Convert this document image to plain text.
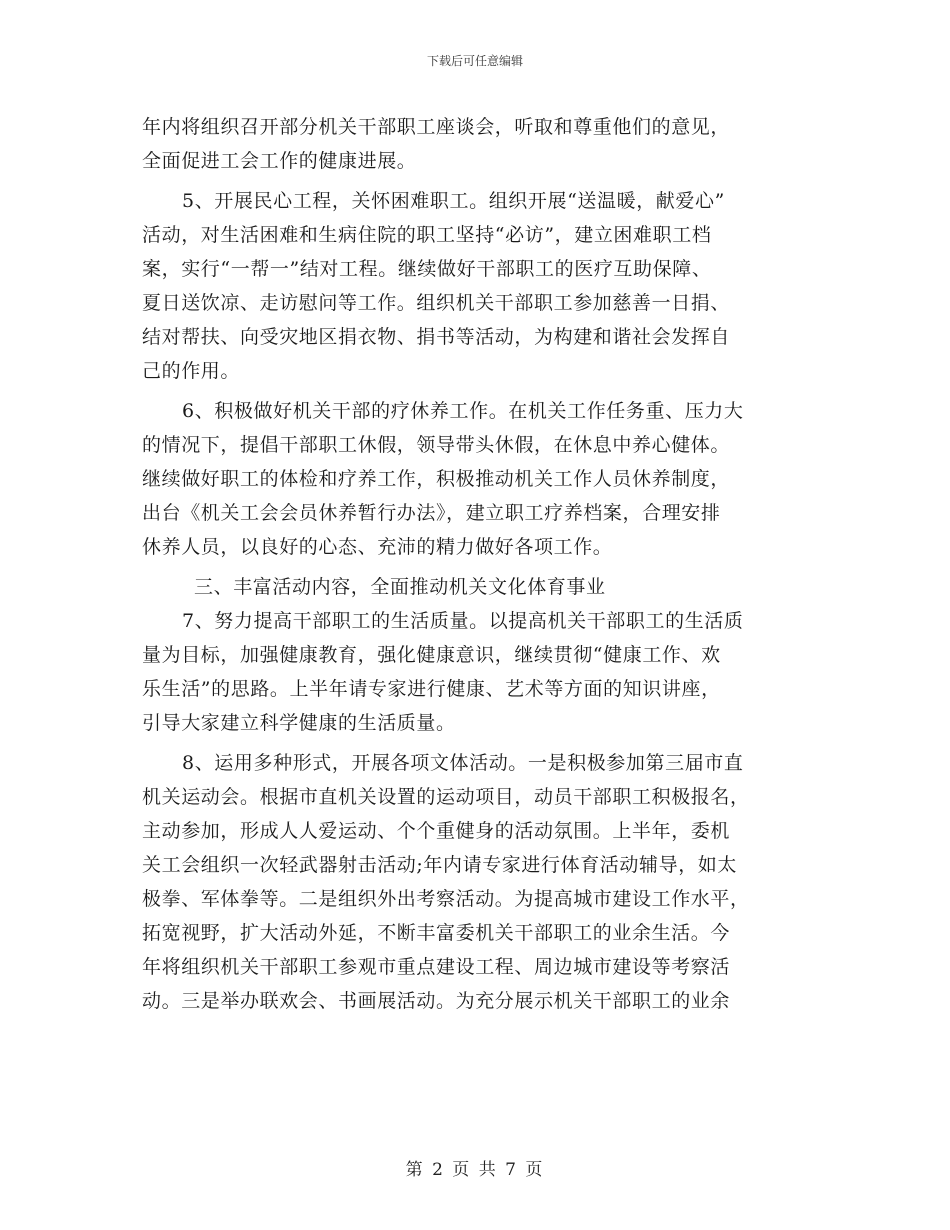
下载后可任意编辑
年内将组织召开部分机关干部职工座谈会，听取和尊重他们的意见，
全面促进工会工作的健康进展。
5、开展民心工程，关怀困难职工。组织开展“送温暖，献爱心”
活动，对生活困难和生病住院的职工坚持“必访”，建立困难职工档
案，实行“一帮一”结对工程。继续做好干部职工的医疗互助保障、
夏日送饮凉、走访慰问等工作。组织机关干部职工参加慈善一日捐、
结对帮扶、向受灾地区捐衣物、捐书等活动，为构建和谐社会发挥自
己的作用。
6、积极做好机关干部的疗休养工作。在机关工作任务重、压力大
的情况下，提倡干部职工休假，领导带头休假，在休息中养心健体。
继续做好职工的体检和疗养工作，积极推动机关工作人员休养制度，
出台《机关工会会员休养暂行办法》，建立职工疗养档案，合理安排
休养人员，以良好的心态、充沛的精力做好各项工作。
三、丰富活动内容，全面推动机关文化体育事业
7、努力提高干部职工的生活质量。以提高机关干部职工的生活质
量为目标，加强健康教育，强化健康意识，继续贯彻“健康工作、欢
乐生活”的思路。上半年请专家进行健康、艺术等方面的知识讲座，
引导大家建立科学健康的生活质量。
8、运用多种形式，开展各项文体活动。一是积极参加第三届市直
机关运动会。根据市直机关设置的运动项目，动员干部职工积极报名，
主动参加，形成人人爱运动、个个重健身的活动氛围。上半年，委机
关工会组织一次轻武器射击活动;年内请专家进行体育活动辅导，如太
极拳、军体拳等。二是组织外出考察活动。为提高城市建设工作水平，
拓宽视野，扩大活动外延，不断丰富委机关干部职工的业余生活。今
年将组织机关干部职工参观市重点建设工程、周边城市建设等考察活
动。三是举办联欢会、书画展活动。为充分展示机关干部职工的业余
第 2 页 共 7 页
